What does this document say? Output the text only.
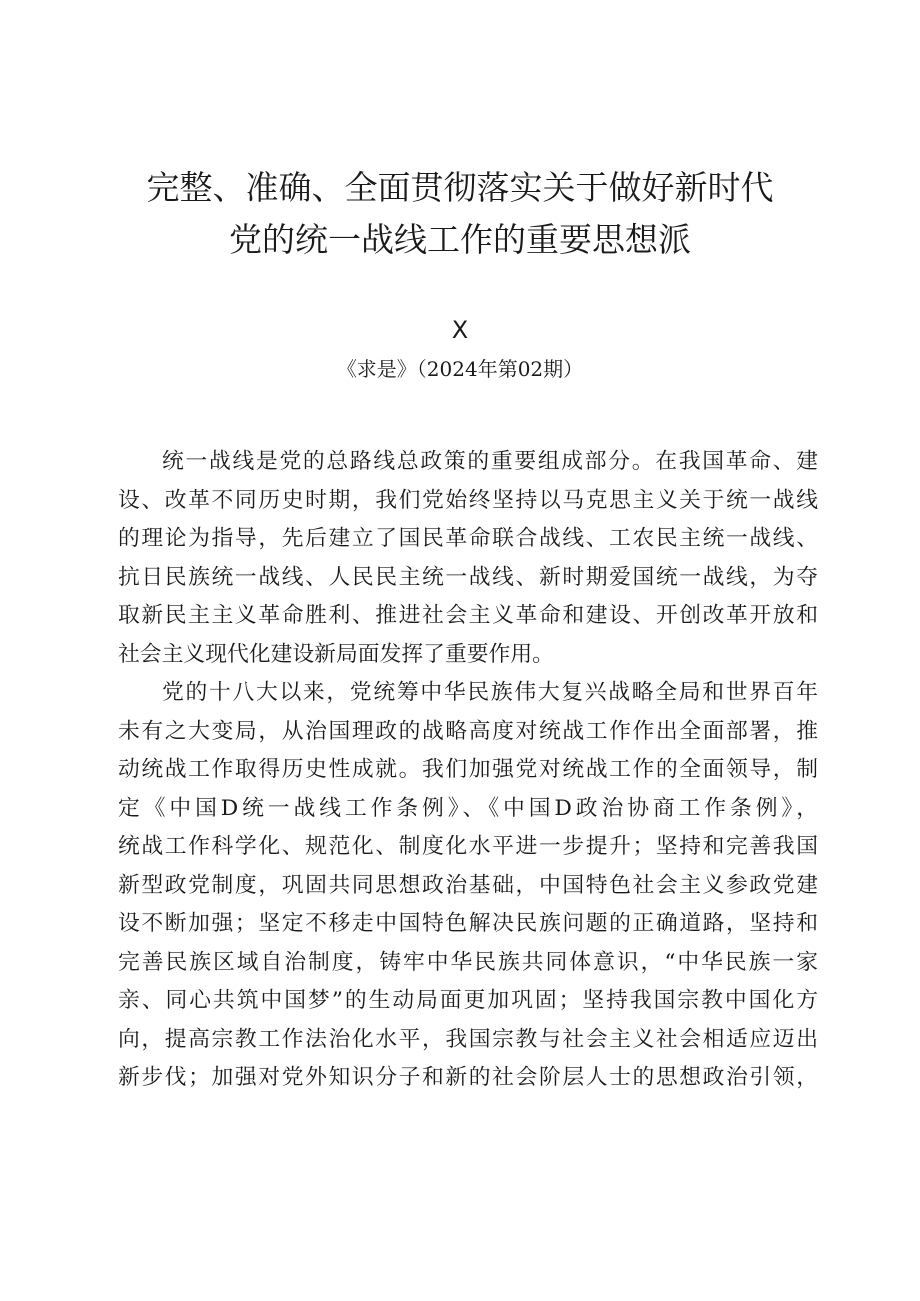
完整、准确、全面贯彻落实关于做好新时代
党的统一战线工作的重要思想派
X
《求是》（2024年第02期）
统一战线是党的总路线总政策的重要组成部分。在我国革命、建
设、改革不同历史时期，我们党始终坚持以马克思主义关于统一战线
的理论为指导，先后建立了国民革命联合战线、工农民主统一战线、
抗日民族统一战线、人民民主统一战线、新时期爱国统一战线，为夺
取新民主主义革命胜利、推进社会主义革命和建设、开创改革开放和
社会主义现代化建设新局面发挥了重要作用。
党的十八大以来，党统筹中华民族伟大复兴战略全局和世界百年
未有之大变局，从治国理政的战略高度对统战工作作出全面部署，推
动统战工作取得历史性成就。我们加强党对统战工作的全面领导，制
定《中国D统一战线工作条例》、《中国D政治协商工作条例》，
统战工作科学化、规范化、制度化水平进一步提升；坚持和完善我国
新型政党制度，巩固共同思想政治基础，中国特色社会主义参政党建
设不断加强；坚定不移走中国特色解决民族问题的正确道路，坚持和
完善民族区域自治制度，铸牢中华民族共同体意识，“中华民族一家
亲、同心共筑中国梦”的生动局面更加巩固；坚持我国宗教中国化方
向，提高宗教工作法治化水平，我国宗教与社会主义社会相适应迈出
新步伐；加强对党外知识分子和新的社会阶层人士的思想政治引领，
